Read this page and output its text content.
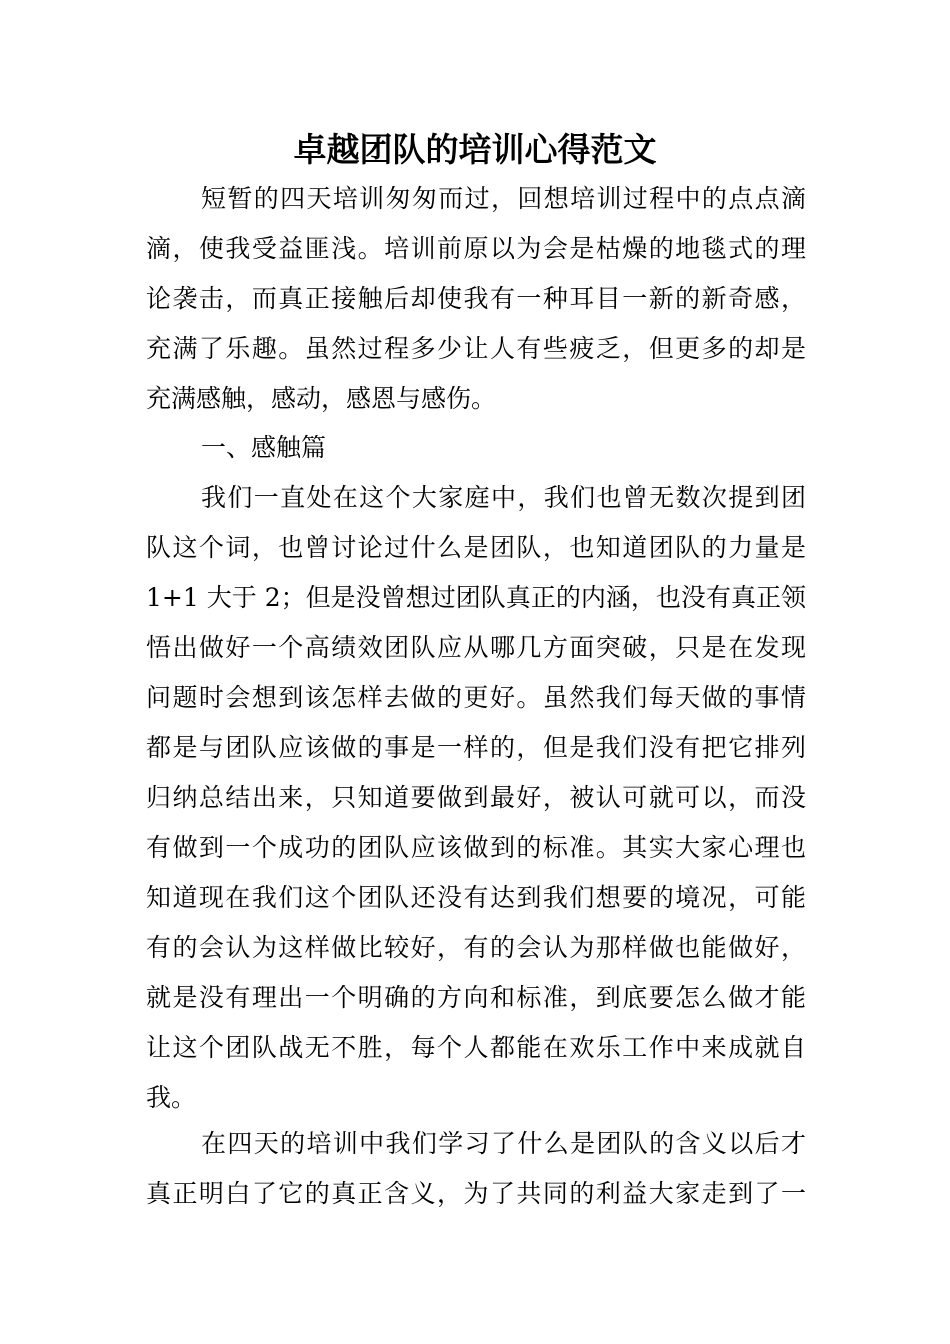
卓越团队的培训心得范文
短暂的四天培训匆匆而过，回想培训过程中的点点滴
滴，使我受益匪浅。培训前原以为会是枯燥的地毯式的理
论袭击，而真正接触后却使我有一种耳目一新的新奇感，
充满了乐趣。虽然过程多少让人有些疲乏，但更多的却是
充满感触，感动，感恩与感伤。
一、感触篇
我们一直处在这个大家庭中，我们也曾无数次提到团
队这个词，也曾讨论过什么是团队，也知道团队的力量是
1+1 大于 2；但是没曾想过团队真正的内涵，也没有真正领
悟出做好一个高绩效团队应从哪几方面突破，只是在发现
问题时会想到该怎样去做的更好。虽然我们每天做的事情
都是与团队应该做的事是一样的，但是我们没有把它排列
归纳总结出来，只知道要做到最好，被认可就可以，而没
有做到一个成功的团队应该做到的标准。其实大家心理也
知道现在我们这个团队还没有达到我们想要的境况，可能
有的会认为这样做比较好，有的会认为那样做也能做好，
就是没有理出一个明确的方向和标准，到底要怎么做才能
让这个团队战无不胜，每个人都能在欢乐工作中来成就自
我。
在四天的培训中我们学习了什么是团队的含义以后才
真正明白了它的真正含义，为了共同的利益大家走到了一
